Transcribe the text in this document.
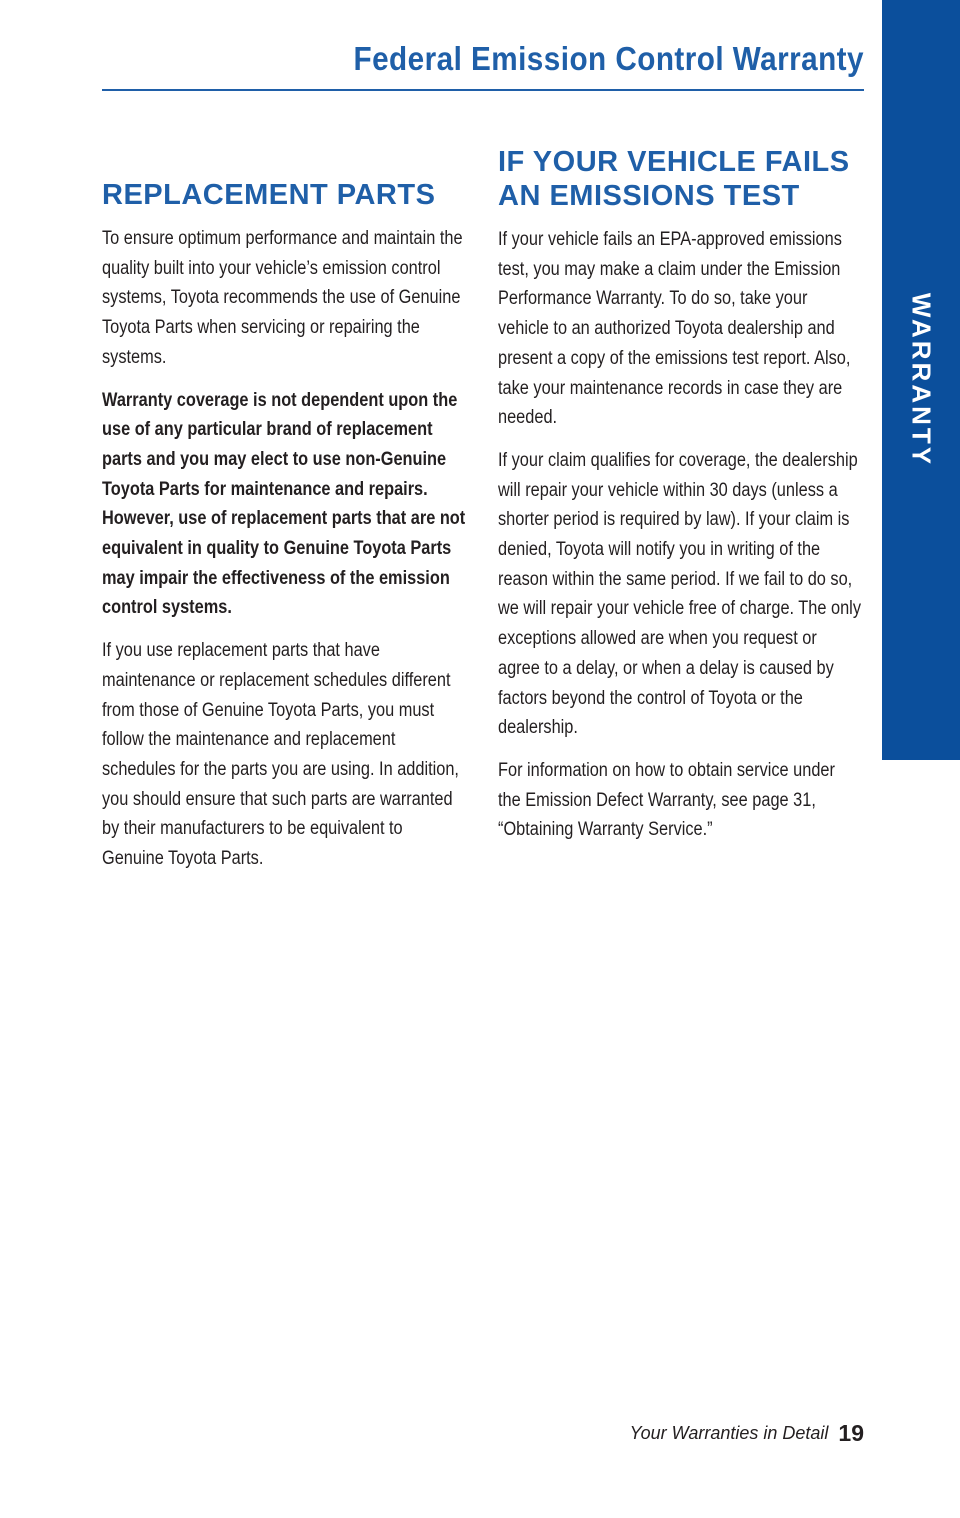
Federal Emission Control Warranty
WARRANTY
REPLACEMENT PARTS

To ensure optimum performance and maintain the quality built into your vehicle’s emission control systems, Toyota recommends the use of Genuine Toyota Parts when servicing or repairing the systems.

Warranty coverage is not dependent upon the use of any particular brand of replacement parts and you may elect to use non-Genuine Toyota Parts for maintenance and repairs. However, use of replacement parts that are not equivalent in quality to Genuine Toyota Parts may impair the effectiveness of the emission control systems.

If you use replacement parts that have maintenance or replacement schedules different from those of Genuine Toyota Parts, you must follow the maintenance and replacement schedules for the parts you are using. In addition, you should ensure that such parts are warranted by their manufacturers to be equivalent to Genuine Toyota Parts.

IF YOUR VEHICLE FAILS
AN EMISSIONS TEST

If your vehicle fails an EPA-approved emissions test, you may make a claim under the Emission Performance Warranty. To do so, take your vehicle to an authorized Toyota dealership and present a copy of the emissions test report. Also, take your maintenance records in case they are needed.

If your claim qualifies for coverage, the dealership will repair your vehicle within 30 days (unless a shorter period is required by law). If your claim is denied, Toyota will notify you in writing of the reason within the same period. If we fail to do so, we will repair your vehicle free of charge. The only exceptions allowed are when you request or agree to a delay, or when a delay is caused by factors beyond the control of Toyota or the dealership.

For information on how to obtain service under the Emission Defect Warranty, see page 31, “Obtaining Warranty Service.”

Your Warranties in Detail 19
